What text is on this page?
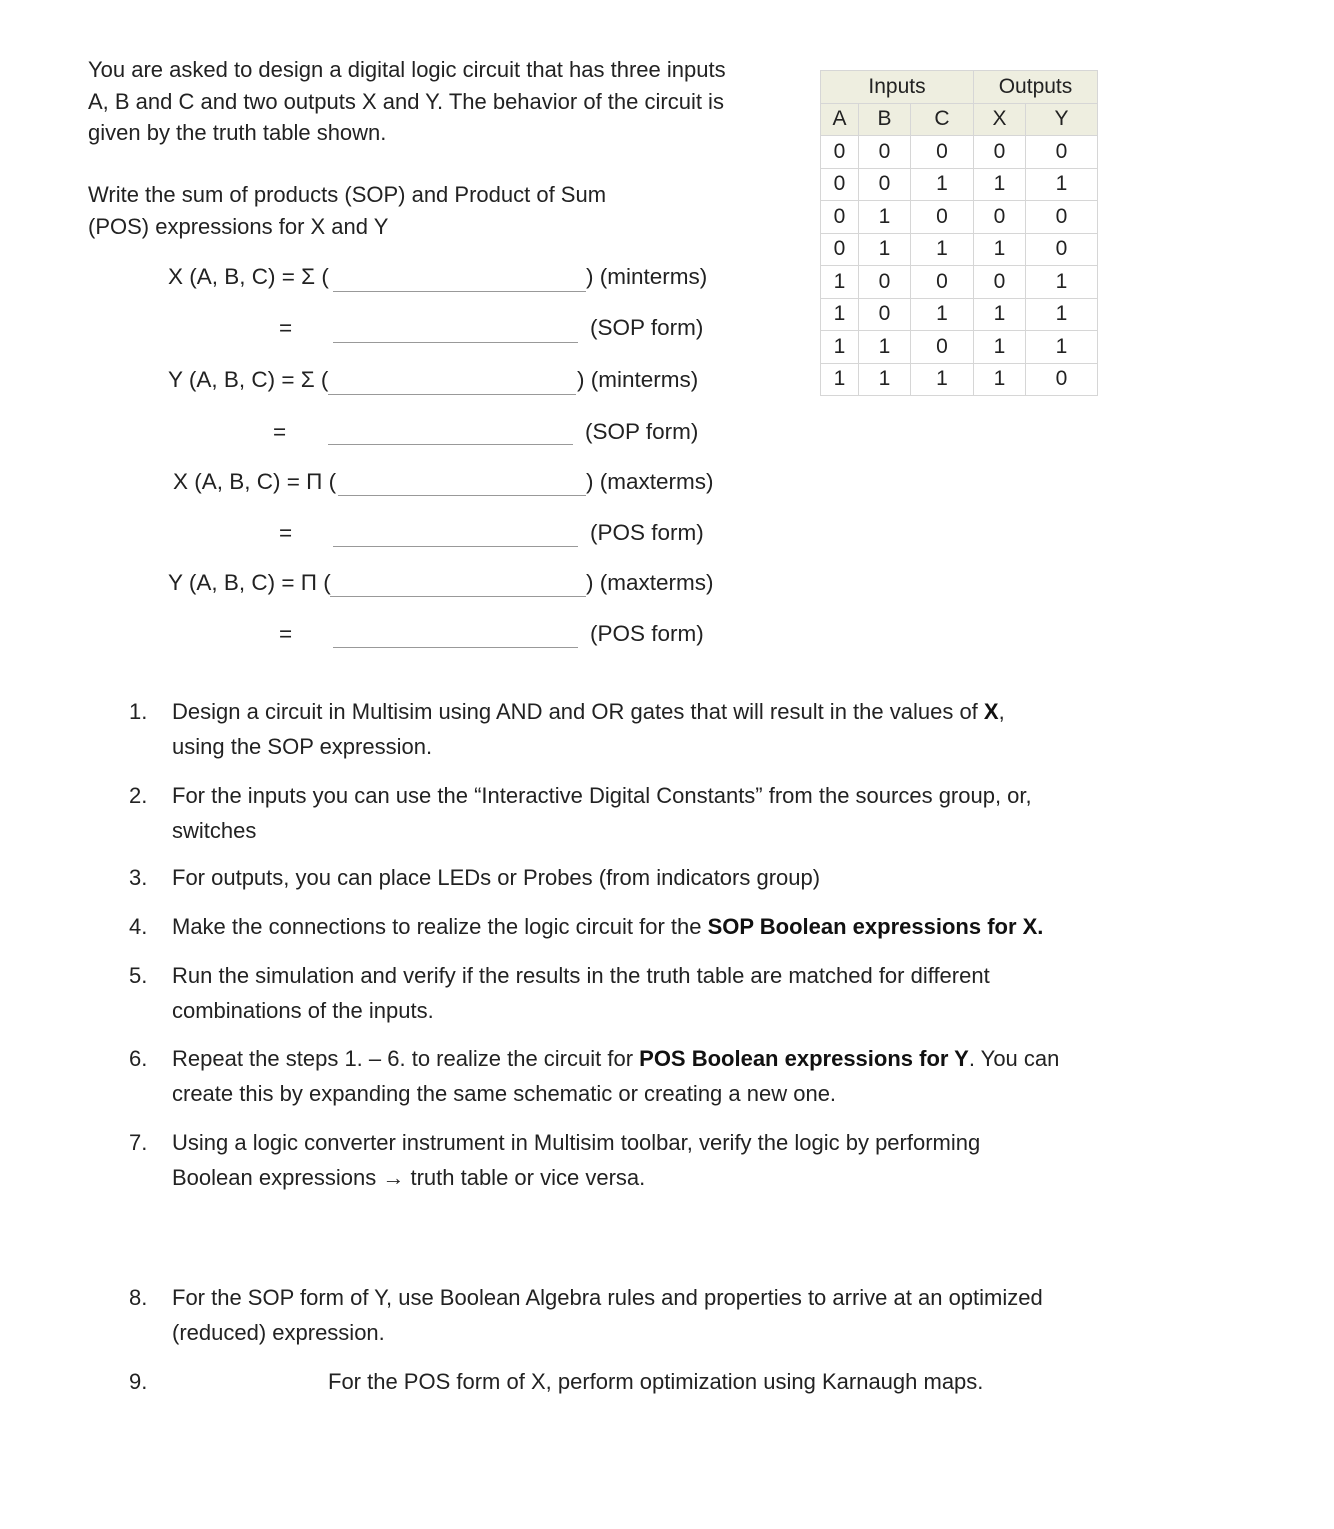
You are asked to design a digital logic circuit that has three inputs
A, B and C and two outputs X and Y. The behavior of the circuit is
given by the truth table shown.
Write the sum of products (SOP) and Product of Sum
(POS) expressions for X and Y
X (A, B, C) = Σ (	) (minterms)
=	(SOP form)
Y (A, B, C) = Σ (	) (minterms)
=	(SOP form)
X (A, B, C) = Π (	) (maxterms)
=	(POS form)
Y (A, B, C) = Π (	) (maxterms)
=	(POS form)
Inputs			Outputs	
A	B	C	X	Y
0	0	0	0	0
0	0	1	1	1
0	1	0	0	0
0	1	1	1	0
1	0	0	0	1
1	0	1	1	1
1	1	0	1	1
1	1	1	1	0
1. Design a circuit in Multisim using AND and OR gates that will result in the values of X,
using the SOP expression.
2. For the inputs you can use the “Interactive Digital Constants” from the sources group, or,
switches
3. For outputs, you can place LEDs or Probes (from indicators group)
4. Make the connections to realize the logic circuit for the SOP Boolean expressions for X.
5. Run the simulation and verify if the results in the truth table are matched for different
combinations of the inputs.
6. Repeat the steps 1. – 6. to realize the circuit for POS Boolean expressions for Y. You can
create this by expanding the same schematic or creating a new one.
7. Using a logic converter instrument in Multisim toolbar, verify the logic by performing
Boolean expressions → truth table or vice versa.
8. For the SOP form of Y, use Boolean Algebra rules and properties to arrive at an optimized
(reduced) expression.
9.	For the POS form of X, perform optimization using Karnaugh maps.
